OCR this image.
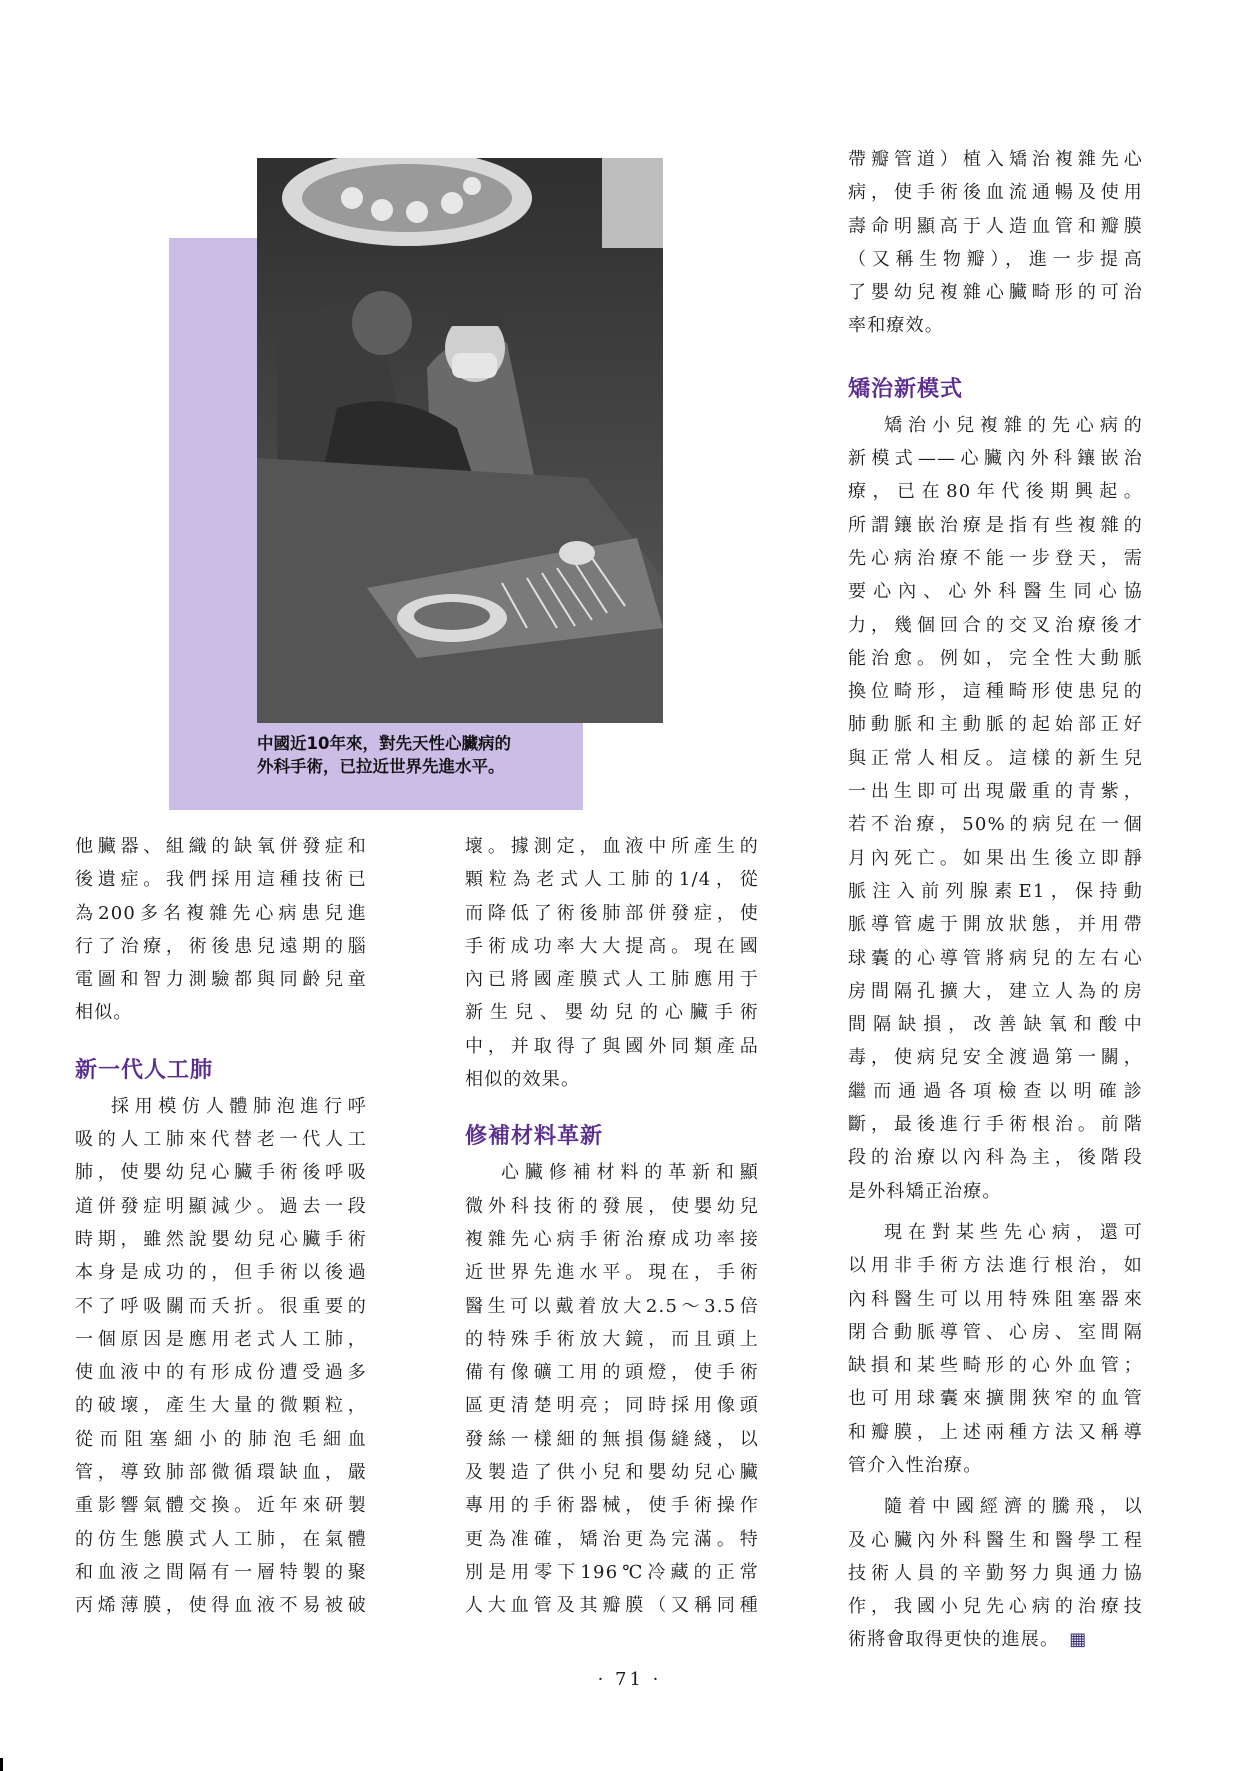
中國近10年來，對先天性心臟病的
外科手術，已拉近世界先進水平。

他臟器、組織的缺氧併發症和

後遺症。我們採用這種技術已

為200多名複雜先心病患兒進

行了治療，術後患兒遠期的腦

電圖和智力測驗都與同齡兒童

相似。

新一代人工肺

採用模仿人體肺泡進行呼

吸的人工肺來代替老一代人工

肺，使嬰幼兒心臟手術後呼吸

道併發症明顯減少。過去一段

時期，雖然說嬰幼兒心臟手術

本身是成功的，但手術以後過

不了呼吸關而夭折。很重要的

一個原因是應用老式人工肺，

使血液中的有形成份遭受過多

的破壞，產生大量的微顆粒，

從而阻塞細小的肺泡毛細血

管，導致肺部微循環缺血，嚴

重影響氣體交換。近年來研製

的仿生態膜式人工肺，在氣體

和血液之間隔有一層特製的聚

丙烯薄膜，使得血液不易被破

壞。據測定，血液中所產生的

顆粒為老式人工肺的1/4，從

而降低了術後肺部併發症，使

手術成功率大大提高。現在國

內已將國產膜式人工肺應用于

新生兒、嬰幼兒的心臟手術

中，并取得了與國外同類產品

相似的效果。

修補材料革新

心臟修補材料的革新和顯

微外科技術的發展，使嬰幼兒

複雜先心病手術治療成功率接

近世界先進水平。現在，手術

醫生可以戴着放大2.5～3.5倍

的特殊手術放大鏡，而且頭上

備有像礦工用的頭燈，使手術

區更清楚明亮；同時採用像頭

發絲一樣細的無損傷縫綫，以

及製造了供小兒和嬰幼兒心臟

專用的手術器械，使手術操作

更為准確，矯治更為完滿。特

別是用零下196℃冷藏的正常

人大血管及其瓣膜（又稱同種

帶瓣管道）植入矯治複雜先心

病，使手術後血流通暢及使用

壽命明顯高于人造血管和瓣膜

（又稱生物瓣），進一步提高

了嬰幼兒複雜心臟畸形的可治

率和療效。

矯治新模式

矯治小兒複雜的先心病的

新模式——心臟內外科鑲嵌治

療，已在80年代後期興起。

所謂鑲嵌治療是指有些複雜的

先心病治療不能一步登天，需

要心內、心外科醫生同心協

力，幾個回合的交叉治療後才

能治愈。例如，完全性大動脈

換位畸形，這種畸形使患兒的

肺動脈和主動脈的起始部正好

與正常人相反。這樣的新生兒

一出生即可出現嚴重的青紫，

若不治療，50%的病兒在一個

月內死亡。如果出生後立即靜

脈注入前列腺素E1，保持動

脈導管處于開放狀態，并用帶

球囊的心導管將病兒的左右心

房間隔孔擴大，建立人為的房

間隔缺損，改善缺氧和酸中

毒，使病兒安全渡過第一關，

繼而通過各項檢查以明確診

斷，最後進行手術根治。前階

段的治療以內科為主，後階段

是外科矯正治療。

現在對某些先心病，還可

以用非手術方法進行根治，如

內科醫生可以用特殊阻塞器來

閉合動脈導管、心房、室間隔

缺損和某些畸形的心外血管；

也可用球囊來擴開狹窄的血管

和瓣膜，上述兩種方法又稱導

管介入性治療。

隨着中國經濟的騰飛，以

及心臟內外科醫生和醫學工程

技術人員的辛勤努力與通力協

作，我國小兒先心病的治療技

術將會取得更快的進展。 ▦

· 71 ·
